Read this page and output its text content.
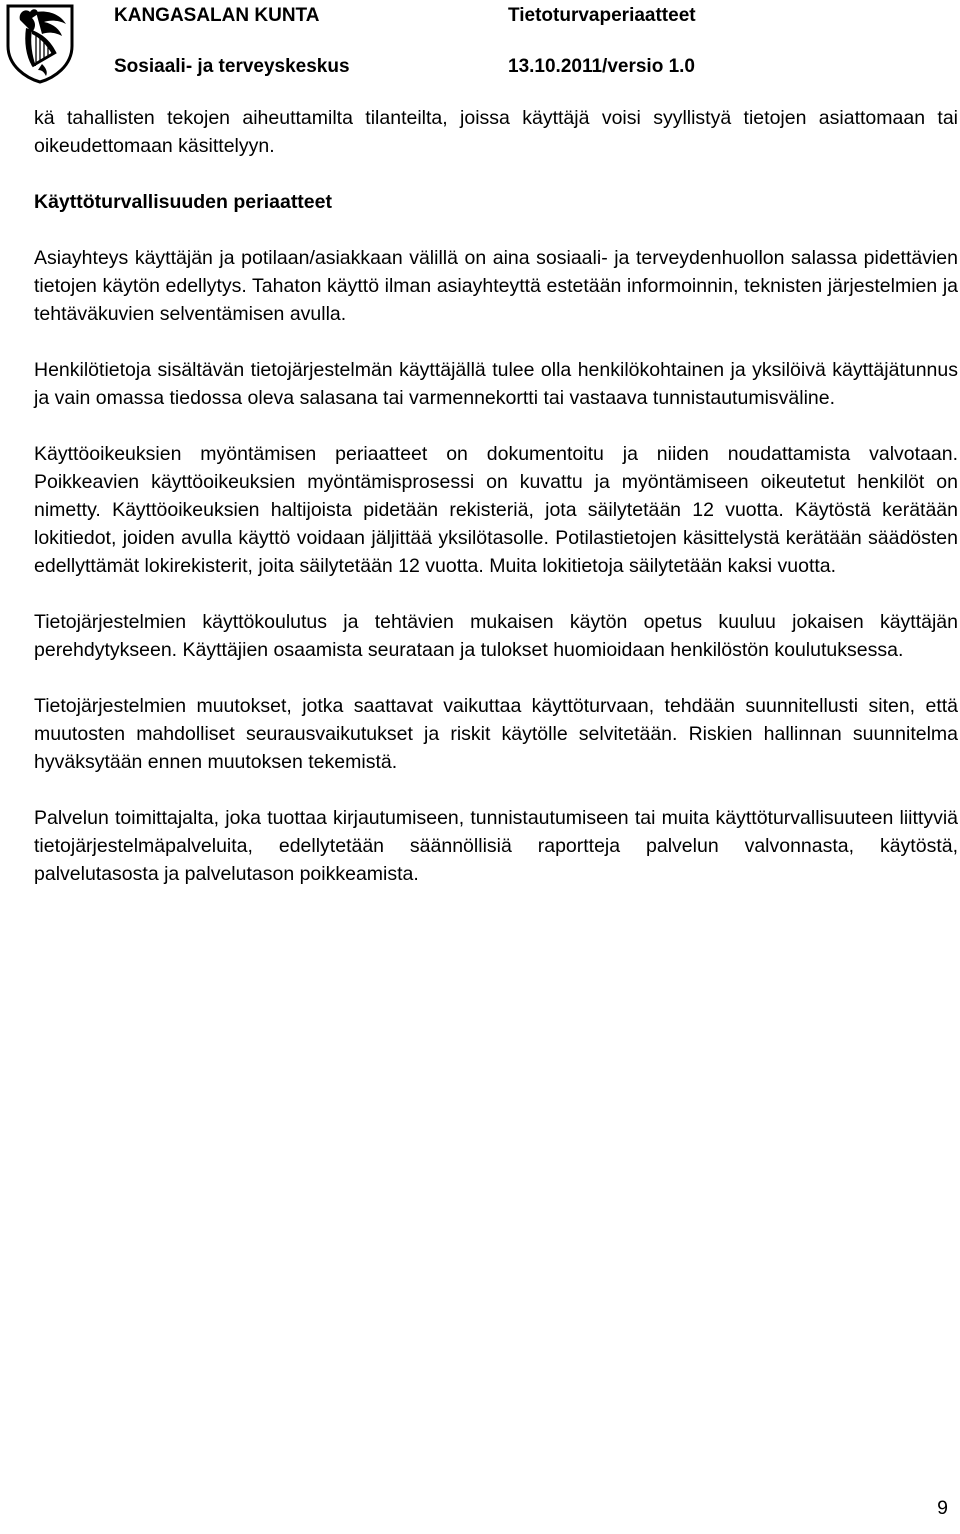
KANGASALAN KUNTA
Sosiaali- ja terveyskeskus
Tietoturvaperiaatteet
13.10.2011/versio 1.0

kä tahallisten tekojen aiheuttamilta tilanteilta, joissa käyttäjä voisi syyllistyä tietojen asiattomaan tai oikeudettomaan käsittelyyn.

Käyttöturvallisuuden periaatteet

Asiayhteys käyttäjän ja potilaan/asiakkaan välillä on aina sosiaali- ja terveydenhuollon salassa pidettävien tietojen käytön edellytys. Tahaton käyttö ilman asiayhteyttä estetään informoinnin, teknisten järjestelmien ja tehtäväkuvien selventämisen avulla.

Henkilötietoja sisältävän tietojärjestelmän käyttäjällä tulee olla henkilökohtainen ja yksilöivä käyttäjätunnus ja vain omassa tiedossa oleva salasana tai varmennekortti tai vastaava tunnistautumisväline.

Käyttöoikeuksien myöntämisen periaatteet on dokumentoitu ja niiden noudattamista valvotaan. Poikkeavien käyttöoikeuksien myöntämisprosessi on kuvattu ja myöntämiseen oikeutetut henkilöt on nimetty. Käyttöoikeuksien haltijoista pidetään rekisteriä, jota säilytetään 12 vuotta. Käytöstä kerätään lokitiedot, joiden avulla käyttö voidaan jäljittää yksilötasolle. Potilastietojen käsittelystä kerätään säädösten edellyttämät lokirekisterit, joita säilytetään 12 vuotta. Muita lokitietoja säilytetään kaksi vuotta.

Tietojärjestelmien käyttökoulutus ja tehtävien mukaisen käytön opetus kuuluu jokaisen käyttäjän perehdytykseen. Käyttäjien osaamista seurataan ja tulokset huomioidaan henkilöstön koulutuksessa.

Tietojärjestelmien muutokset, jotka saattavat vaikuttaa käyttöturvaan, tehdään suunnitellusti siten, että muutosten mahdolliset seurausvaikutukset ja riskit käytölle selvitetään. Riskien hallinnan suunnitelma hyväksytään ennen muutoksen tekemistä.

Palvelun toimittajalta, joka tuottaa kirjautumiseen, tunnistautumiseen tai muita käyttöturvallisuuteen liittyviä tietojärjestelmäpalveluita, edellytetään säännöllisiä raportteja palvelun valvonnasta, käytöstä, palvelutasosta ja palvelutason poikkeamista.

9
